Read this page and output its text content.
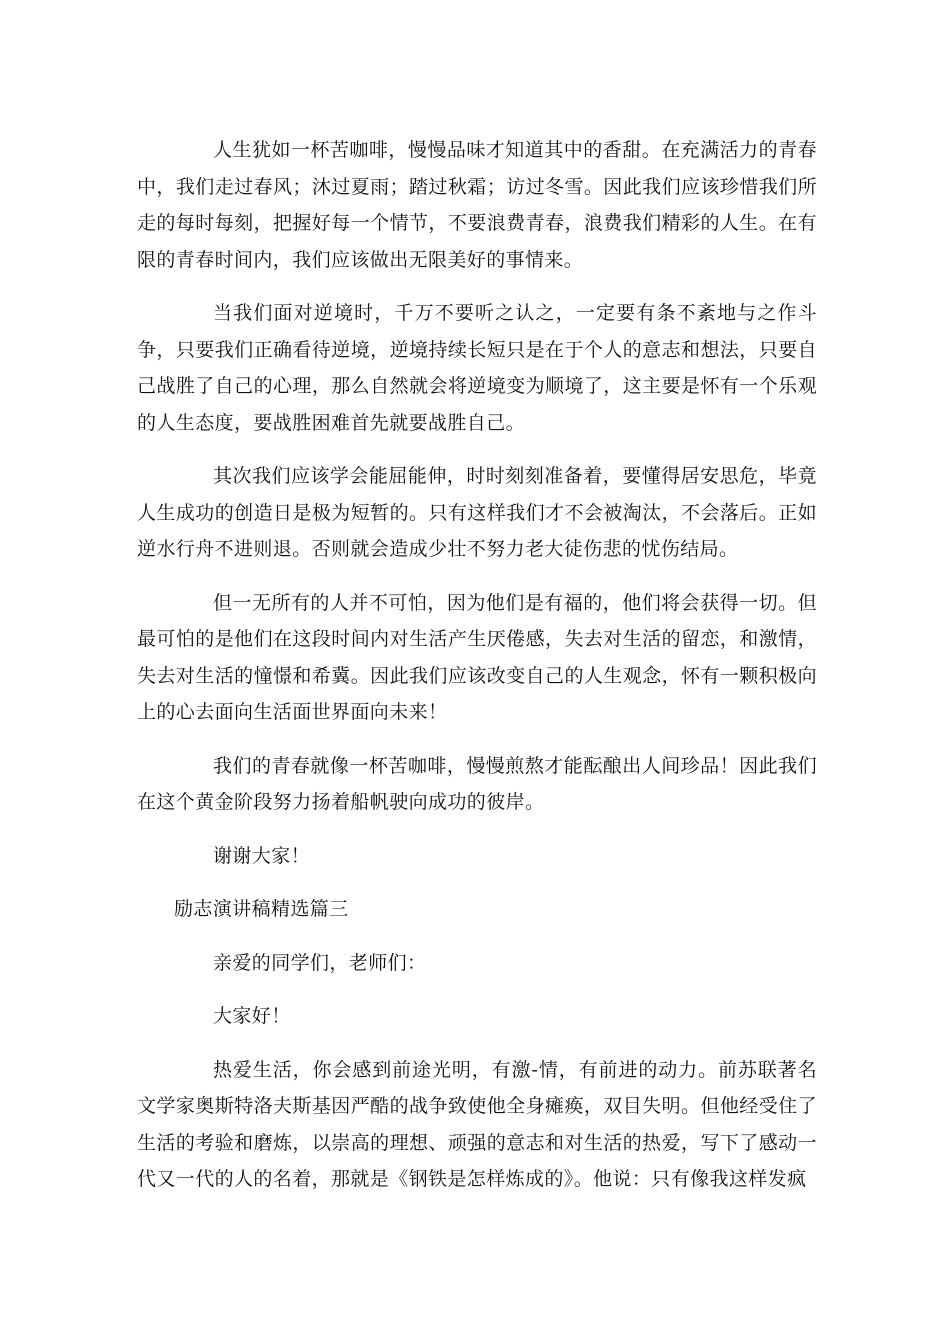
人生犹如一杯苦咖啡，慢慢品味才知道其中的香甜。在充满活力的青春中，我们走过春风；沐过夏雨；踏过秋霜；访过冬雪。因此我们应该珍惜我们所走的每时每刻，把握好每一个情节，不要浪费青春，浪费我们精彩的人生。在有限的青春时间内，我们应该做出无限美好的事情来。

当我们面对逆境时，千万不要听之认之，一定要有条不紊地与之作斗争，只要我们正确看待逆境，逆境持续长短只是在于个人的意志和想法，只要自己战胜了自己的心理，那么自然就会将逆境变为顺境了，这主要是怀有一个乐观的人生态度，要战胜困难首先就要战胜自己。

其次我们应该学会能屈能伸，时时刻刻准备着，要懂得居安思危，毕竟人生成功的创造日是极为短暂的。只有这样我们才不会被淘汰，不会落后。正如逆水行舟不进则退。否则就会造成少壮不努力老大徒伤悲的忧伤结局。

但一无所有的人并不可怕，因为他们是有福的，他们将会获得一切。但最可怕的是他们在这段时间内对生活产生厌倦感，失去对生活的留恋，和激情，失去对生活的憧憬和希冀。因此我们应该改变自己的人生观念，怀有一颗积极向上的心去面向生活面世界面向未来！

我们的青春就像一杯苦咖啡，慢慢煎熬才能酝酿出人间珍品！因此我们在这个黄金阶段努力扬着船帆驶向成功的彼岸。

谢谢大家！

励志演讲稿精选篇三

亲爱的同学们，老师们：

大家好！

热爱生活，你会感到前途光明，有激-情，有前进的动力。前苏联著名文学家奥斯特洛夫斯基因严酷的战争致使他全身瘫痪，双目失明。但他经受住了生活的考验和磨炼，以崇高的理想、顽强的意志和对生活的热爱，写下了感动一代又一代的人的名着，那就是《钢铁是怎样炼成的》。他说：只有像我这样发疯
